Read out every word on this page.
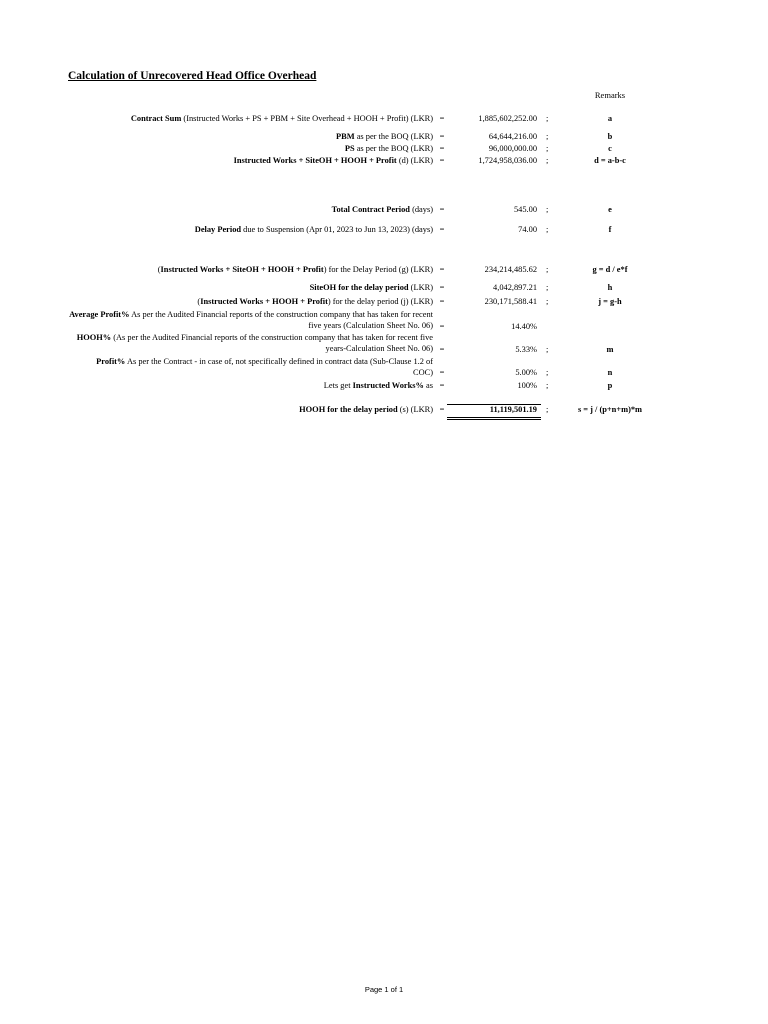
Calculation of Unrecovered Head Office Overhead
Remarks
Contract Sum (Instructed Works + PS + PBM + Site Overhead + HOOH + Profit) (LKR) =	1,885,602,252.00 ;	a
PBM as per the BOQ (LKR) =	64,644,216.00 ;	b
PS as per the BOQ (LKR) =	96,000,000.00 ;	c
Instructed Works + SiteOH + HOOH + Profit (d) (LKR) =	1,724,958,036.00 ;	d = a-b-c
Total Contract Period (days) =	545.00 ;	e
Delay Period due to Suspension (Apr 01, 2023 to Jun 13, 2023) (days) =	74.00 ;	f
(Instructed Works + SiteOH + HOOH + Profit) for the Delay Period (g) (LKR) =	234,214,485.62 ;	g = d / e*f
SiteOH for the delay period (LKR) =	4,042,897.21 ;	h
(Instructed Works + HOOH + Profit) for the delay period (j) (LKR) =	230,171,588.41 ;	j = g-h
Average Profit% As per the Audited Financial reports of the construction company that has taken for recent five years (Calculation Sheet No. 06) =	14.40%
HOOH% (As per the Audited Financial reports of the construction company that has taken for recent five years-Calculation Sheet No. 06) =	5.33% ;	m
Profit% As per the Contract - in case of, not specifically defined in contract data (Sub-Clause 1.2 of COC) =	5.00% ;	n
Lets get Instructed Works% as =	100% ;	p
HOOH for the delay period (s) (LKR) =	11,119,501.19 ;	s = j / (p+n+m)*m
Page 1 of 1
